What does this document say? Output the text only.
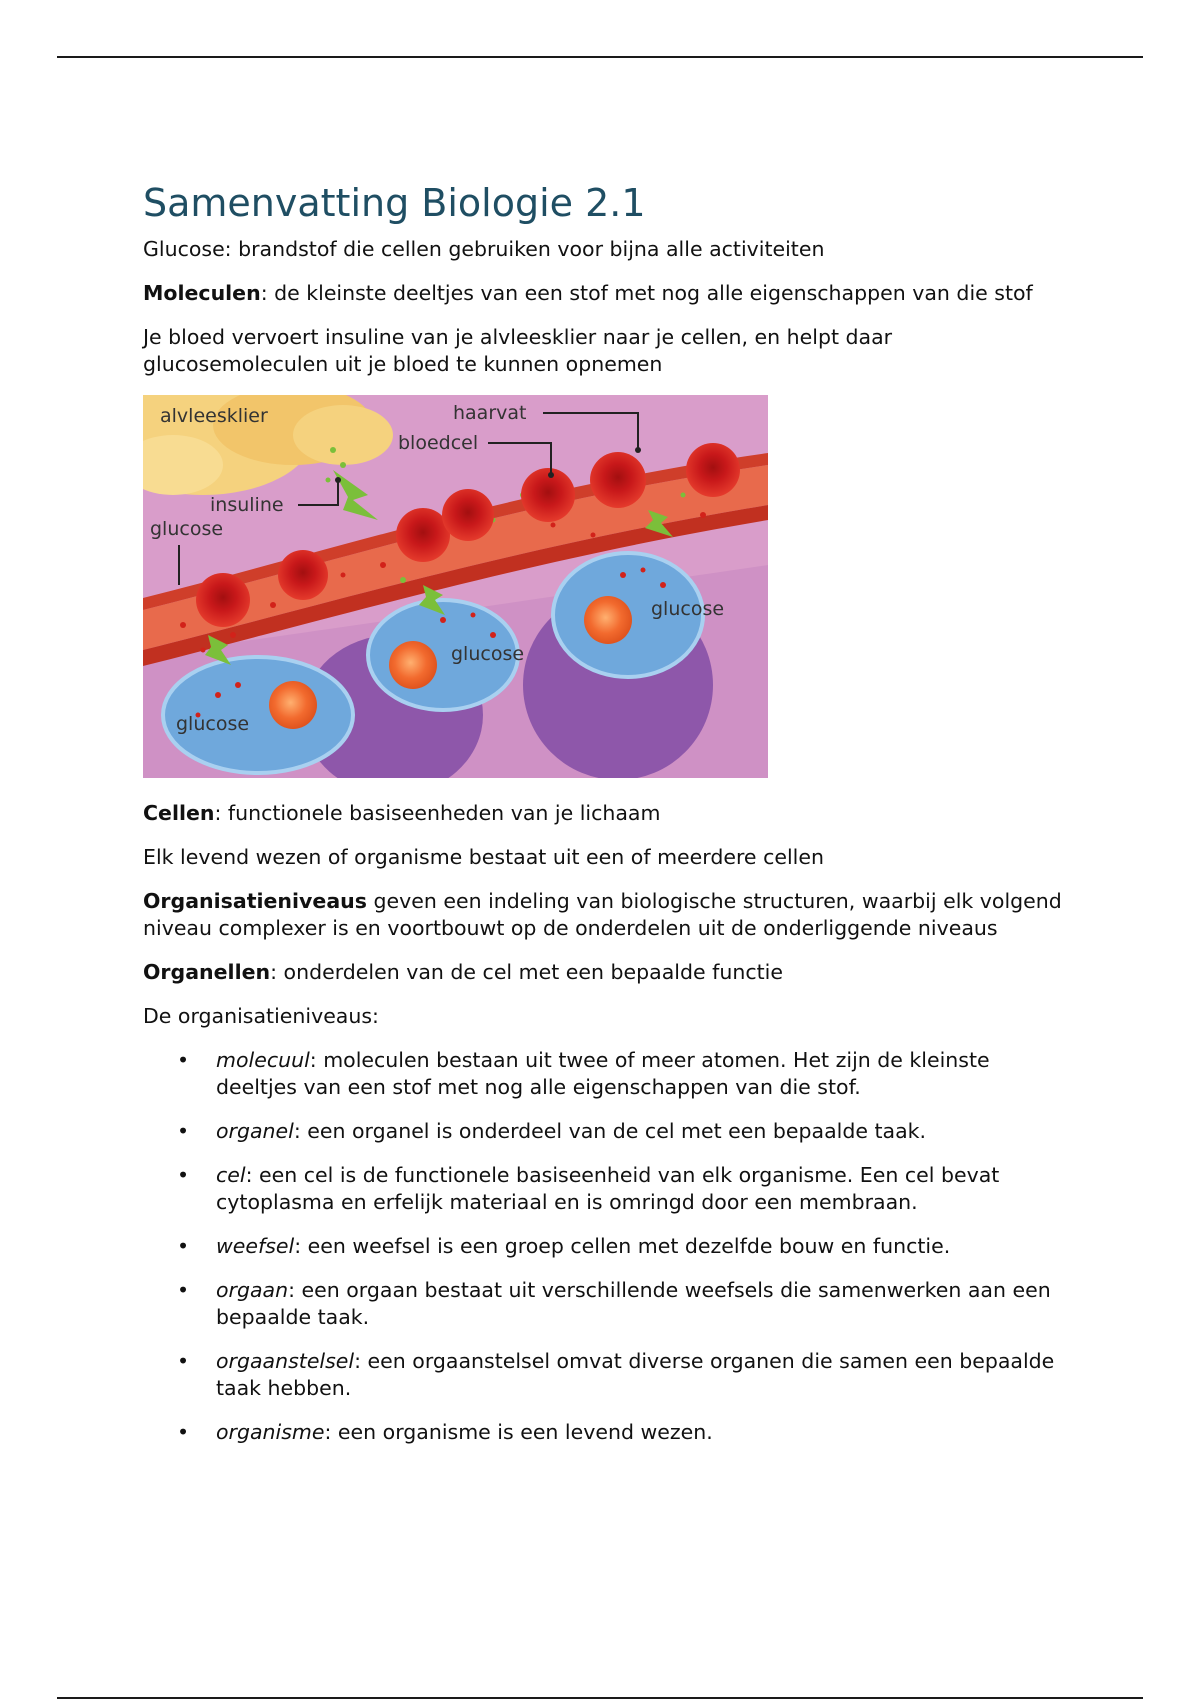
Samenvatting Biologie 2.1

Glucose: brandstof die cellen gebruiken voor bijna alle activiteiten

Moleculen: de kleinste deeltjes van een stof met nog alle eigenschappen van die stof

Je bloed vervoert insuline van je alvleesklier naar je cellen, en helpt daar glucosemoleculen uit je bloed te kunnen opnemen

alvleesklier	haarvat
bloedcel
insuline
glucose
glucose
glucose
glucose

Cellen: functionele basiseenheden van je lichaam

Elk levend wezen of organisme bestaat uit een of meerdere cellen

Organisatieniveaus geven een indeling van biologische structuren, waarbij elk volgend niveau complexer is en voortbouwt op de onderdelen uit de onderliggende niveaus

Organellen: onderdelen van de cel met een bepaalde functie

De organisatieniveaus:

• molecuul: moleculen bestaan uit twee of meer atomen. Het zijn de kleinste deeltjes van een stof met nog alle eigenschappen van die stof.
• organel: een organel is onderdeel van de cel met een bepaalde taak.
• cel: een cel is de functionele basiseenheid van elk organisme. Een cel bevat cytoplasma en erfelijk materiaal en is omringd door een membraan.
• weefsel: een weefsel is een groep cellen met dezelfde bouw en functie.
• orgaan: een orgaan bestaat uit verschillende weefsels die samenwerken aan een bepaalde taak.
• orgaanstelsel: een orgaanstelsel omvat diverse organen die samen een bepaalde taak hebben.
• organisme: een organisme is een levend wezen.
